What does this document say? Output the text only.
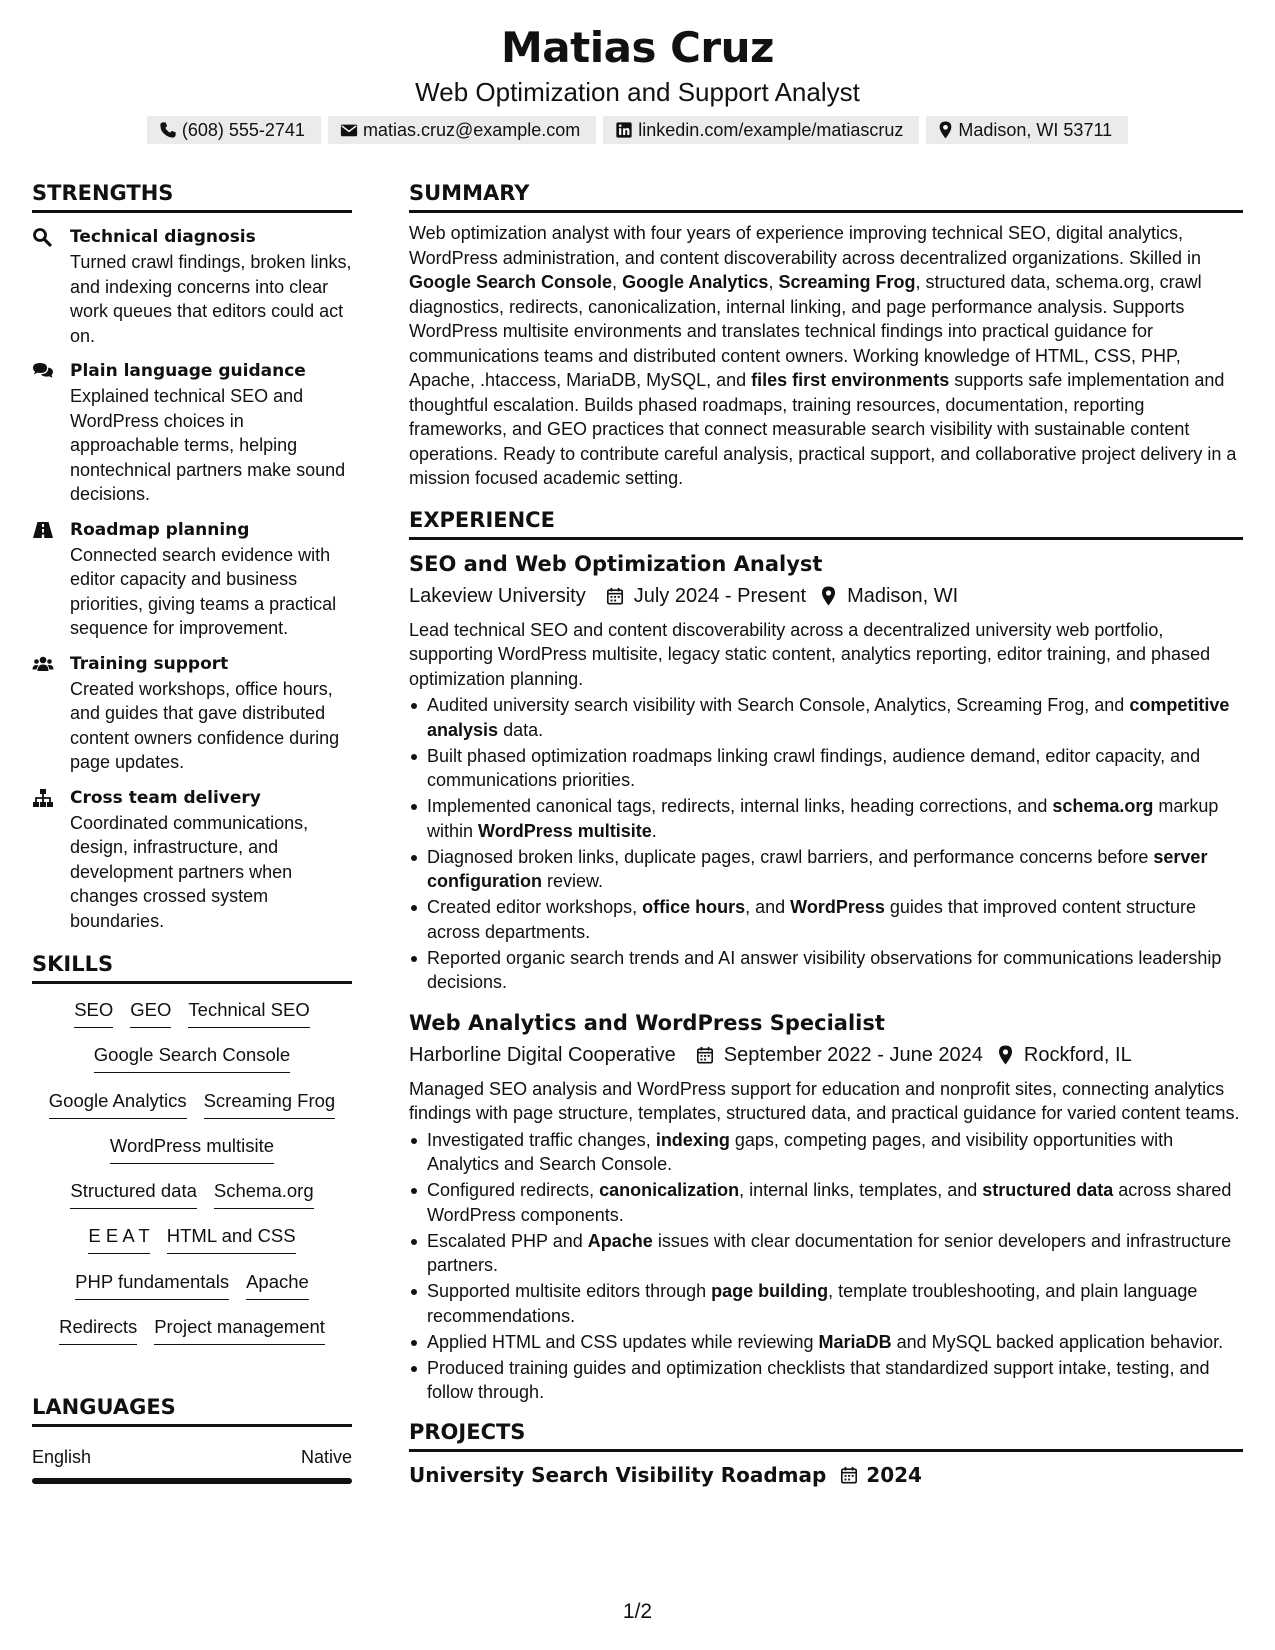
Matias Cruz
Web Optimization and Support Analyst
(608) 555-2741	matias.cruz@example.com	linkedin.com/example/matiascruz	Madison, WI 53711
STRENGTHS
Technical diagnosis
Turned crawl findings, broken links, and indexing concerns into clear work queues that editors could act on.
Plain language guidance
Explained technical SEO and WordPress choices in approachable terms, helping nontechnical partners make sound decisions.
Roadmap planning
Connected search evidence with editor capacity and business priorities, giving teams a practical sequence for improvement.
Training support
Created workshops, office hours, and guides that gave distributed content owners confidence during page updates.
Cross team delivery
Coordinated communications, design, infrastructure, and development partners when changes crossed system boundaries.
SKILLS
SEO GEO Technical SEO
Google Search Console
Google Analytics Screaming Frog
WordPress multisite
Structured data Schema.org
E E A T HTML and CSS
PHP fundamentals Apache
Redirects Project management
LANGUAGES
English	Native
SUMMARY

Web optimization analyst with four years of experience improving technical SEO, digital analytics, WordPress administration, and content discoverability across decentralized organizations. Skilled in Google Search Console, Google Analytics, Screaming Frog, structured data, schema.org, crawl diagnostics, redirects, canonicalization, internal linking, and page performance analysis. Supports WordPress multisite environments and translates technical findings into practical guidance for communications teams and distributed content owners. Working knowledge of HTML, CSS, PHP, Apache, .htaccess, MariaDB, MySQL, and files first environments supports safe implementation and thoughtful escalation. Builds phased roadmaps, training resources, documentation, reporting frameworks, and GEO practices that connect measurable search visibility with sustainable content operations. Ready to contribute careful analysis, practical support, and collaborative project delivery in a mission focused academic setting.

EXPERIENCE
SEO and Web Optimization Analyst
Lakeview University July 2024 - Present Madison, WI
Lead technical SEO and content discoverability across a decentralized university web portfolio, supporting WordPress multisite, legacy static content, analytics reporting, editor training, and phased optimization planning.
Audited university search visibility with Search Console, Analytics, Screaming Frog, and competitive analysis data.
Built phased optimization roadmaps linking crawl findings, audience demand, editor capacity, and communications priorities.
Implemented canonical tags, redirects, internal links, heading corrections, and schema.org markup within WordPress multisite.
Diagnosed broken links, duplicate pages, crawl barriers, and performance concerns before server configuration review.
Created editor workshops, office hours, and WordPress guides that improved content structure across departments.
Reported organic search trends and AI answer visibility observations for communications leadership decisions.
Web Analytics and WordPress Specialist
Harborline Digital Cooperative September 2022 - June 2024 Rockford, IL
Managed SEO analysis and WordPress support for education and nonprofit sites, connecting analytics findings with page structure, templates, structured data, and practical guidance for varied content teams.
Investigated traffic changes, indexing gaps, competing pages, and visibility opportunities with Analytics and Search Console.
Configured redirects, canonicalization, internal links, templates, and structured data across shared WordPress components.
Escalated PHP and Apache issues with clear documentation for senior developers and infrastructure partners.
Supported multisite editors through page building, template troubleshooting, and plain language recommendations.
Applied HTML and CSS updates while reviewing MariaDB and MySQL backed application behavior.
Produced training guides and optimization checklists that standardized support intake, testing, and follow through.
PROJECTS
University Search Visibility Roadmap 2024
1/2
